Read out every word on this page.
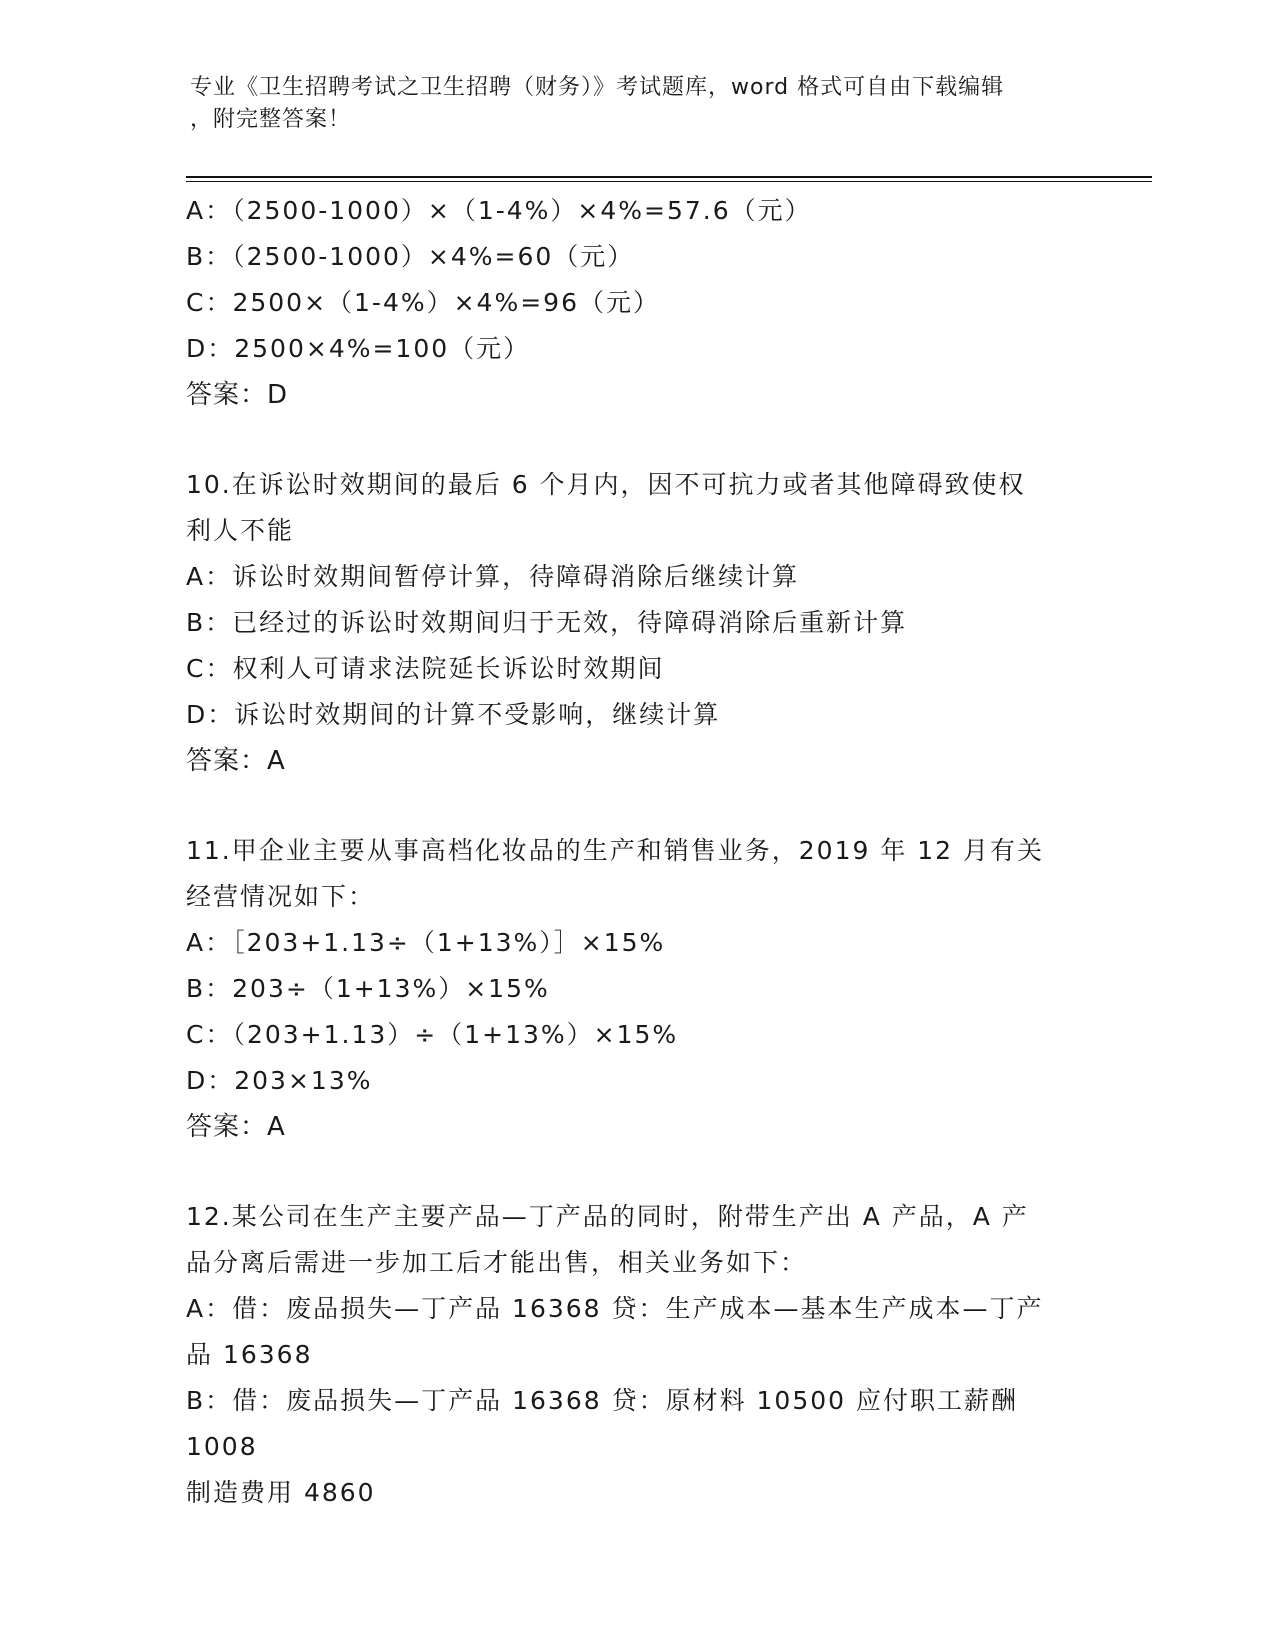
专业《卫生招聘考试之卫生招聘（财务）》考试题库，word 格式可自由下载编辑
，附完整答案！
A：（2500-1000）×（1-4%）×4%=57.6（元）
B：（2500-1000）×4%=60（元）
C：2500×（1-4%）×4%=96（元）
D：2500×4%=100（元）
答案：D
10.在诉讼时效期间的最后 6 个月内，因不可抗力或者其他障碍致使权
利人不能
A：诉讼时效期间暂停计算，待障碍消除后继续计算
B：已经过的诉讼时效期间归于无效，待障碍消除后重新计算
C：权利人可请求法院延长诉讼时效期间
D：诉讼时效期间的计算不受影响，继续计算
答案：A
11.甲企业主要从事高档化妆品的生产和销售业务，2019 年 12 月有关
经营情况如下：
A：［203+1.13÷（1+13%）］×15%
B：203÷（1+13%）×15%
C：（203+1.13）÷（1+13%）×15%
D：203×13%
答案：A
12.某公司在生产主要产品—丁产品的同时，附带生产出 A 产品，A 产
品分离后需进一步加工后才能出售，相关业务如下：
A：借：废品损失—丁产品 16368 贷：生产成本—基本生产成本—丁产
品 16368
B：借：废品损失—丁产品 16368 贷：原材料 10500 应付职工薪酬 1008
制造费用 4860
